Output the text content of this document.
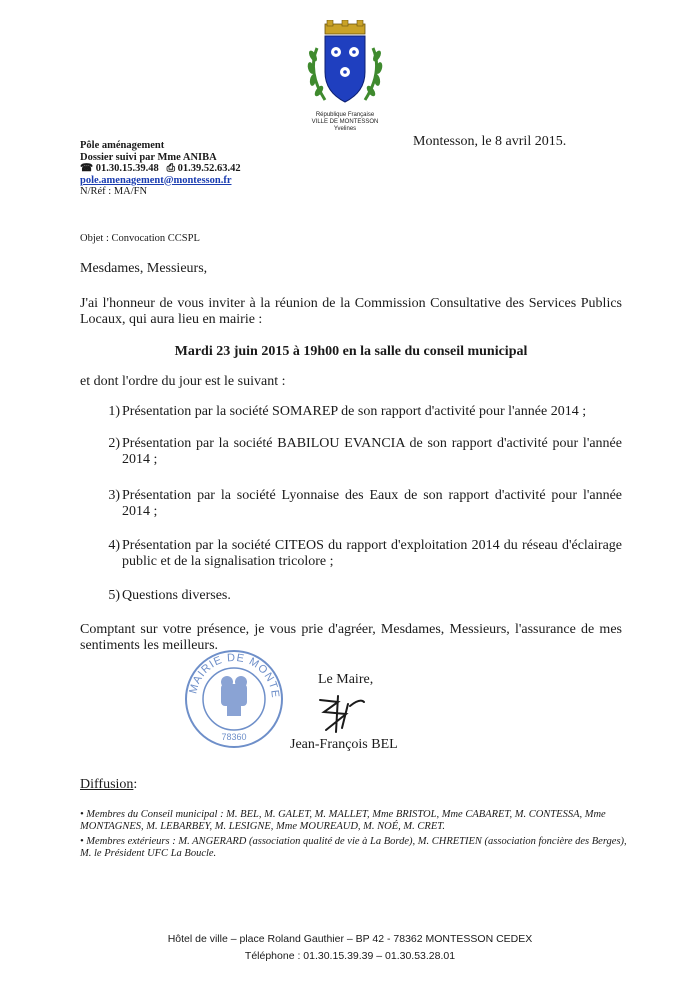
République Française
VILLE DE MONTESSON
Yvelines
Pôle aménagement
Dossier suivi par Mme ANIBA
☎ 01.30.15.39.48 ⎙ 01.39.52.63.42
pole.amenagement@montesson.fr
N/Réf : MA/FN
Montesson, le 8 avril 2015.
Objet : Convocation CCSPL
Mesdames, Messieurs,
J'ai l'honneur de vous inviter à la réunion de la Commission Consultative des Services Publics Locaux, qui aura lieu en mairie :
Mardi 23 juin 2015 à 19h00 en la salle du conseil municipal
et dont l'ordre du jour est le suivant :
1) Présentation par la société SOMAREP de son rapport d'activité pour l'année 2014 ;
2) Présentation par la société BABILOU EVANCIA de son rapport d'activité pour l'année 2014 ;
3) Présentation par la société Lyonnaise des Eaux de son rapport d'activité pour l'année 2014 ;
4) Présentation par la société CITEOS du rapport d'exploitation 2014 du réseau d'éclairage public et de la signalisation tricolore ;
5) Questions diverses.
Comptant sur votre présence, je vous prie d'agréer, Mesdames, Messieurs, l'assurance de mes sentiments les meilleurs.
MAIRIE DE MONTE
78360
Le Maire,
Jean-François BEL
Diffusion:
• Membres du Conseil municipal : M. BEL, M. GALET, M. MALLET, Mme BRISTOL, Mme CABARET, M. CONTESSA, Mme MONTAGNES, M. LEBARBEY, M. LESIGNE, Mme MOUREAUD, M. NOÉ, M. CRET.
• Membres extérieurs : M. ANGERARD (association qualité de vie à La Borde), M. CHRETIEN (association foncière des Berges), M. le Président UFC La Boucle.
Hôtel de ville – place Roland Gauthier – BP 42 - 78362 MONTESSON CEDEX
Téléphone : 01.30.15.39.39 – 01.30.53.28.01
